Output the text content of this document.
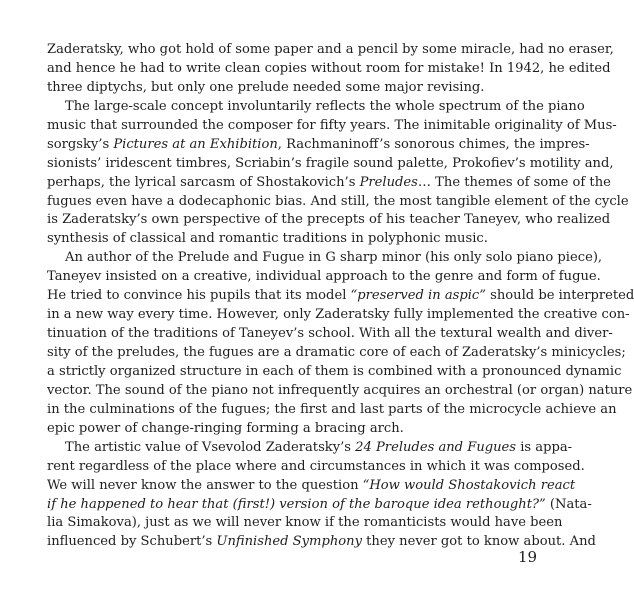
Zaderatsky, who got hold of some paper and a pencil by some miracle, had no eraser,
and hence he had to write clean copies without room for mistake! In 1942, he edited
three diptychs, but only one prelude needed some major revising.
The large-scale concept involuntarily reflects the whole spectrum of the piano
music that surrounded the composer for fifty years. The inimitable originality of Mus-
sorgsky’s Pictures at an Exhibition, Rachmaninoff’s sonorous chimes, the impres-
sionists’ iridescent timbres, Scriabin’s fragile sound palette, Prokofiev’s motility and,
perhaps, the lyrical sarcasm of Shostakovich’s Preludes… The themes of some of the
fugues even have a dodecaphonic bias. And still, the most tangible element of the cycle
is Zaderatsky’s own perspective of the precepts of his teacher Taneyev, who realized
synthesis of classical and romantic traditions in polyphonic music.
An author of the Prelude and Fugue in G sharp minor (his only solo piano piece),
Taneyev insisted on a creative, individual approach to the genre and form of fugue.
He tried to convince his pupils that its model “preserved in aspic” should be interpreted
in a new way every time. However, only Zaderatsky fully implemented the creative con-
tinuation of the traditions of Taneyev’s school. With all the textural wealth and diver-
sity of the preludes, the fugues are a dramatic core of each of Zaderatsky’s minicycles;
a strictly organized structure in each of them is combined with a pronounced dynamic
vector. The sound of the piano not infrequently acquires an orchestral (or organ) nature
in the culminations of the fugues; the first and last parts of the microcycle achieve an
epic power of change-ringing forming a bracing arch.
The artistic value of Vsevolod Zaderatsky’s 24 Preludes and Fugues is appa-
rent regardless of the place where and circumstances in which it was composed.
We will never know the answer to the question “How would Shostakovich react
if he happened to hear that (first!) version of the baroque idea rethought?” (Nata-
lia Simakova), just as we will never know if the romanticists would have been
influenced by Schubert’s Unfinished Symphony they never got to know about. And
19
